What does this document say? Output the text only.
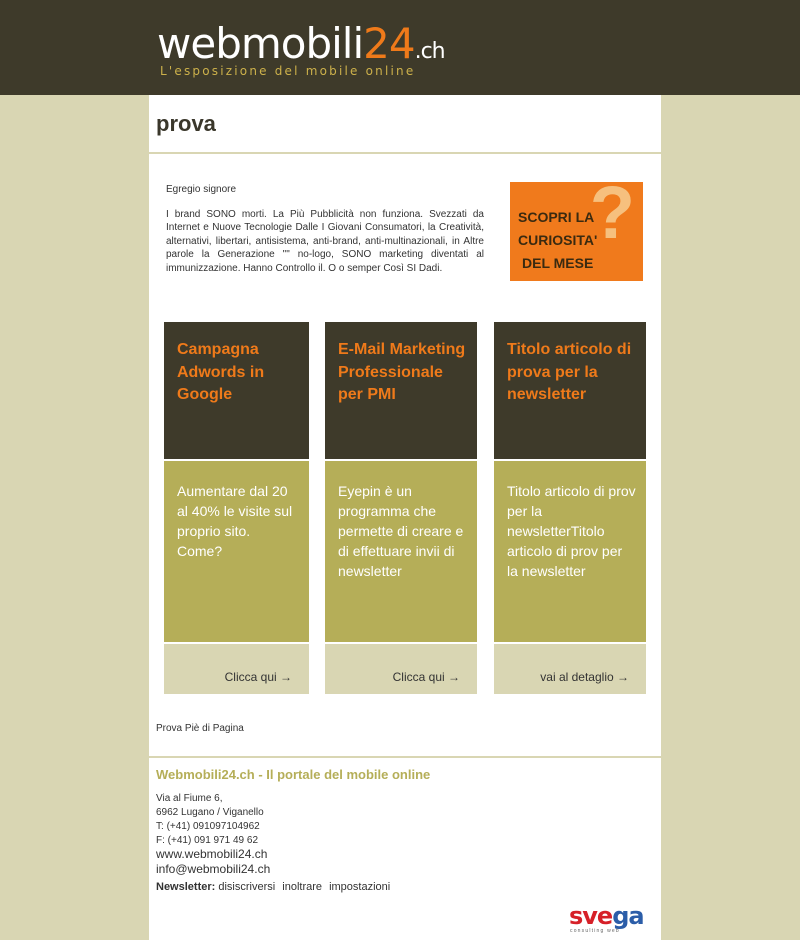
webmobili24.ch
L'esposizione del mobile online
prova
Egregio signore
I brand SONO morti. La Più Pubblicità non funziona. Svezzati da Internet e Nuove Tecnologie Dalle I Giovani Consumatori, la Creatività, alternativi, libertari, antisistema, anti-brand, anti-multinazionali, in Altre parole la Generazione "" no-logo, SONO marketing diventati al immunizzazione. Hanno Controllo il. O o semper Così SI Dadi.
?
SCOPRI LA
CURIOSITA'
DEL MESE
Campagna Adwords in Google
Aumentare dal 20 al 40% le visite sul proprio sito. Come?
Clicca qui →
E-Mail Marketing Professionale per PMI
Eyepin è un programma che permette di creare e di effettuare invii di newsletter
Clicca qui →
Titolo articolo di prova per la newsletter
Titolo articolo di prov per la newsletterTitolo articolo di prov per la newsletter
vai al detaglio →
Prova Piè di Pagina
Webmobili24.ch - Il portale del mobile online
Via al Fiume 6,
6962 Lugano / Viganello
T: (+41) 091097104962
F: (+41) 091 971 49 62
www.webmobili24.ch
info@webmobili24.ch
Newsletter: disiscriversi inoltrare impostazioni
svega
consulting web
